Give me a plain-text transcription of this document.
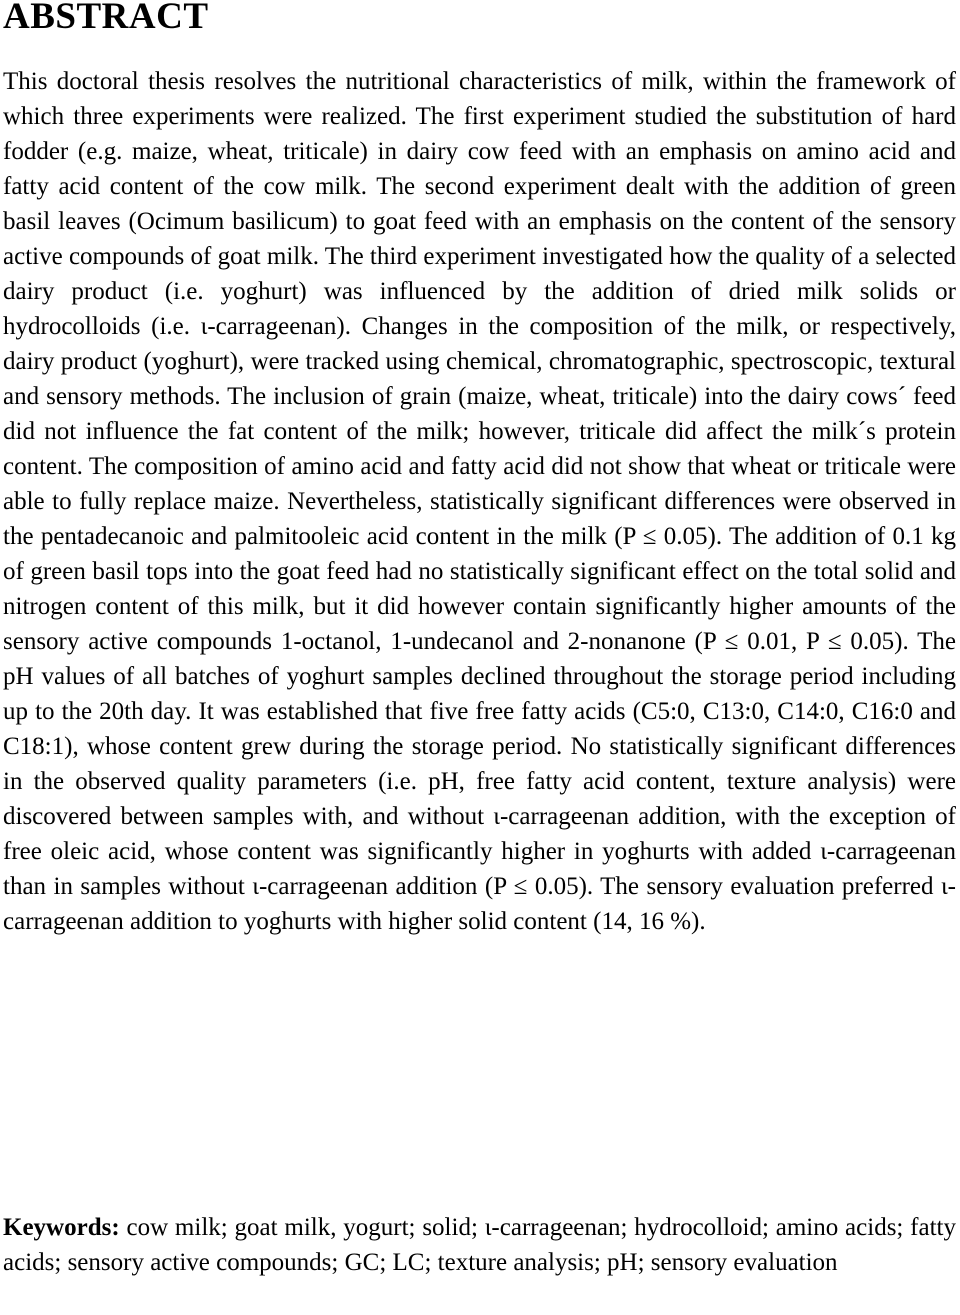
ABSTRACT

This doctoral thesis resolves the nutritional characteristics of milk, within the framework of which three experiments were realized. The first experiment studied the substitution of hard fodder (e.g. maize, wheat, triticale) in dairy cow feed with an emphasis on amino acid and fatty acid content of the cow milk. The second experiment dealt with the addition of green basil leaves (Ocimum basilicum) to goat feed with an emphasis on the content of the sensory active compounds of goat milk. The third experiment investigated how the quality of a selected dairy product (i.e. yoghurt) was influenced by the addition of dried milk solids or hydrocolloids (i.e. ι-carrageenan). Changes in the composition of the milk, or respectively, dairy product (yoghurt), were tracked using chemical, chromatographic, spectroscopic, textural and sensory methods. The inclusion of grain (maize, wheat, triticale) into the dairy cows´ feed did not influence the fat content of the milk; however, triticale did affect the milk´s protein content. The composition of amino acid and fatty acid did not show that wheat or triticale were able to fully replace maize. Nevertheless, statistically significant differences were observed in the pentadecanoic and palmitooleic acid content in the milk (P ≤ 0.05). The addition of 0.1 kg of green basil tops into the goat feed had no statistically significant effect on the total solid and nitrogen content of this milk, but it did however contain significantly higher amounts of the sensory active compounds 1-octanol, 1-undecanol and 2-nonanone (P ≤ 0.01, P ≤ 0.05). The pH values of all batches of yoghurt samples declined throughout the storage period including up to the 20th day. It was established that five free fatty acids (C5:0, C13:0, C14:0, C16:0 and C18:1), whose content grew during the storage period. No statistically significant differences in the observed quality parameters (i.e. pH, free fatty acid content, texture analysis) were discovered between samples with, and without ι-carrageenan addition, with the exception of free oleic acid, whose content was significantly higher in yoghurts with added ι-carrageenan than in samples without ι-carrageenan addition (P ≤ 0.05). The sensory evaluation preferred ι-carrageenan addition to yoghurts with higher solid content (14, 16 %).

Keywords: cow milk; goat milk, yogurt; solid; ι-carrageenan; hydrocolloid; amino acids; fatty acids; sensory active compounds; GC; LC; texture analysis; pH; sensory evaluation
